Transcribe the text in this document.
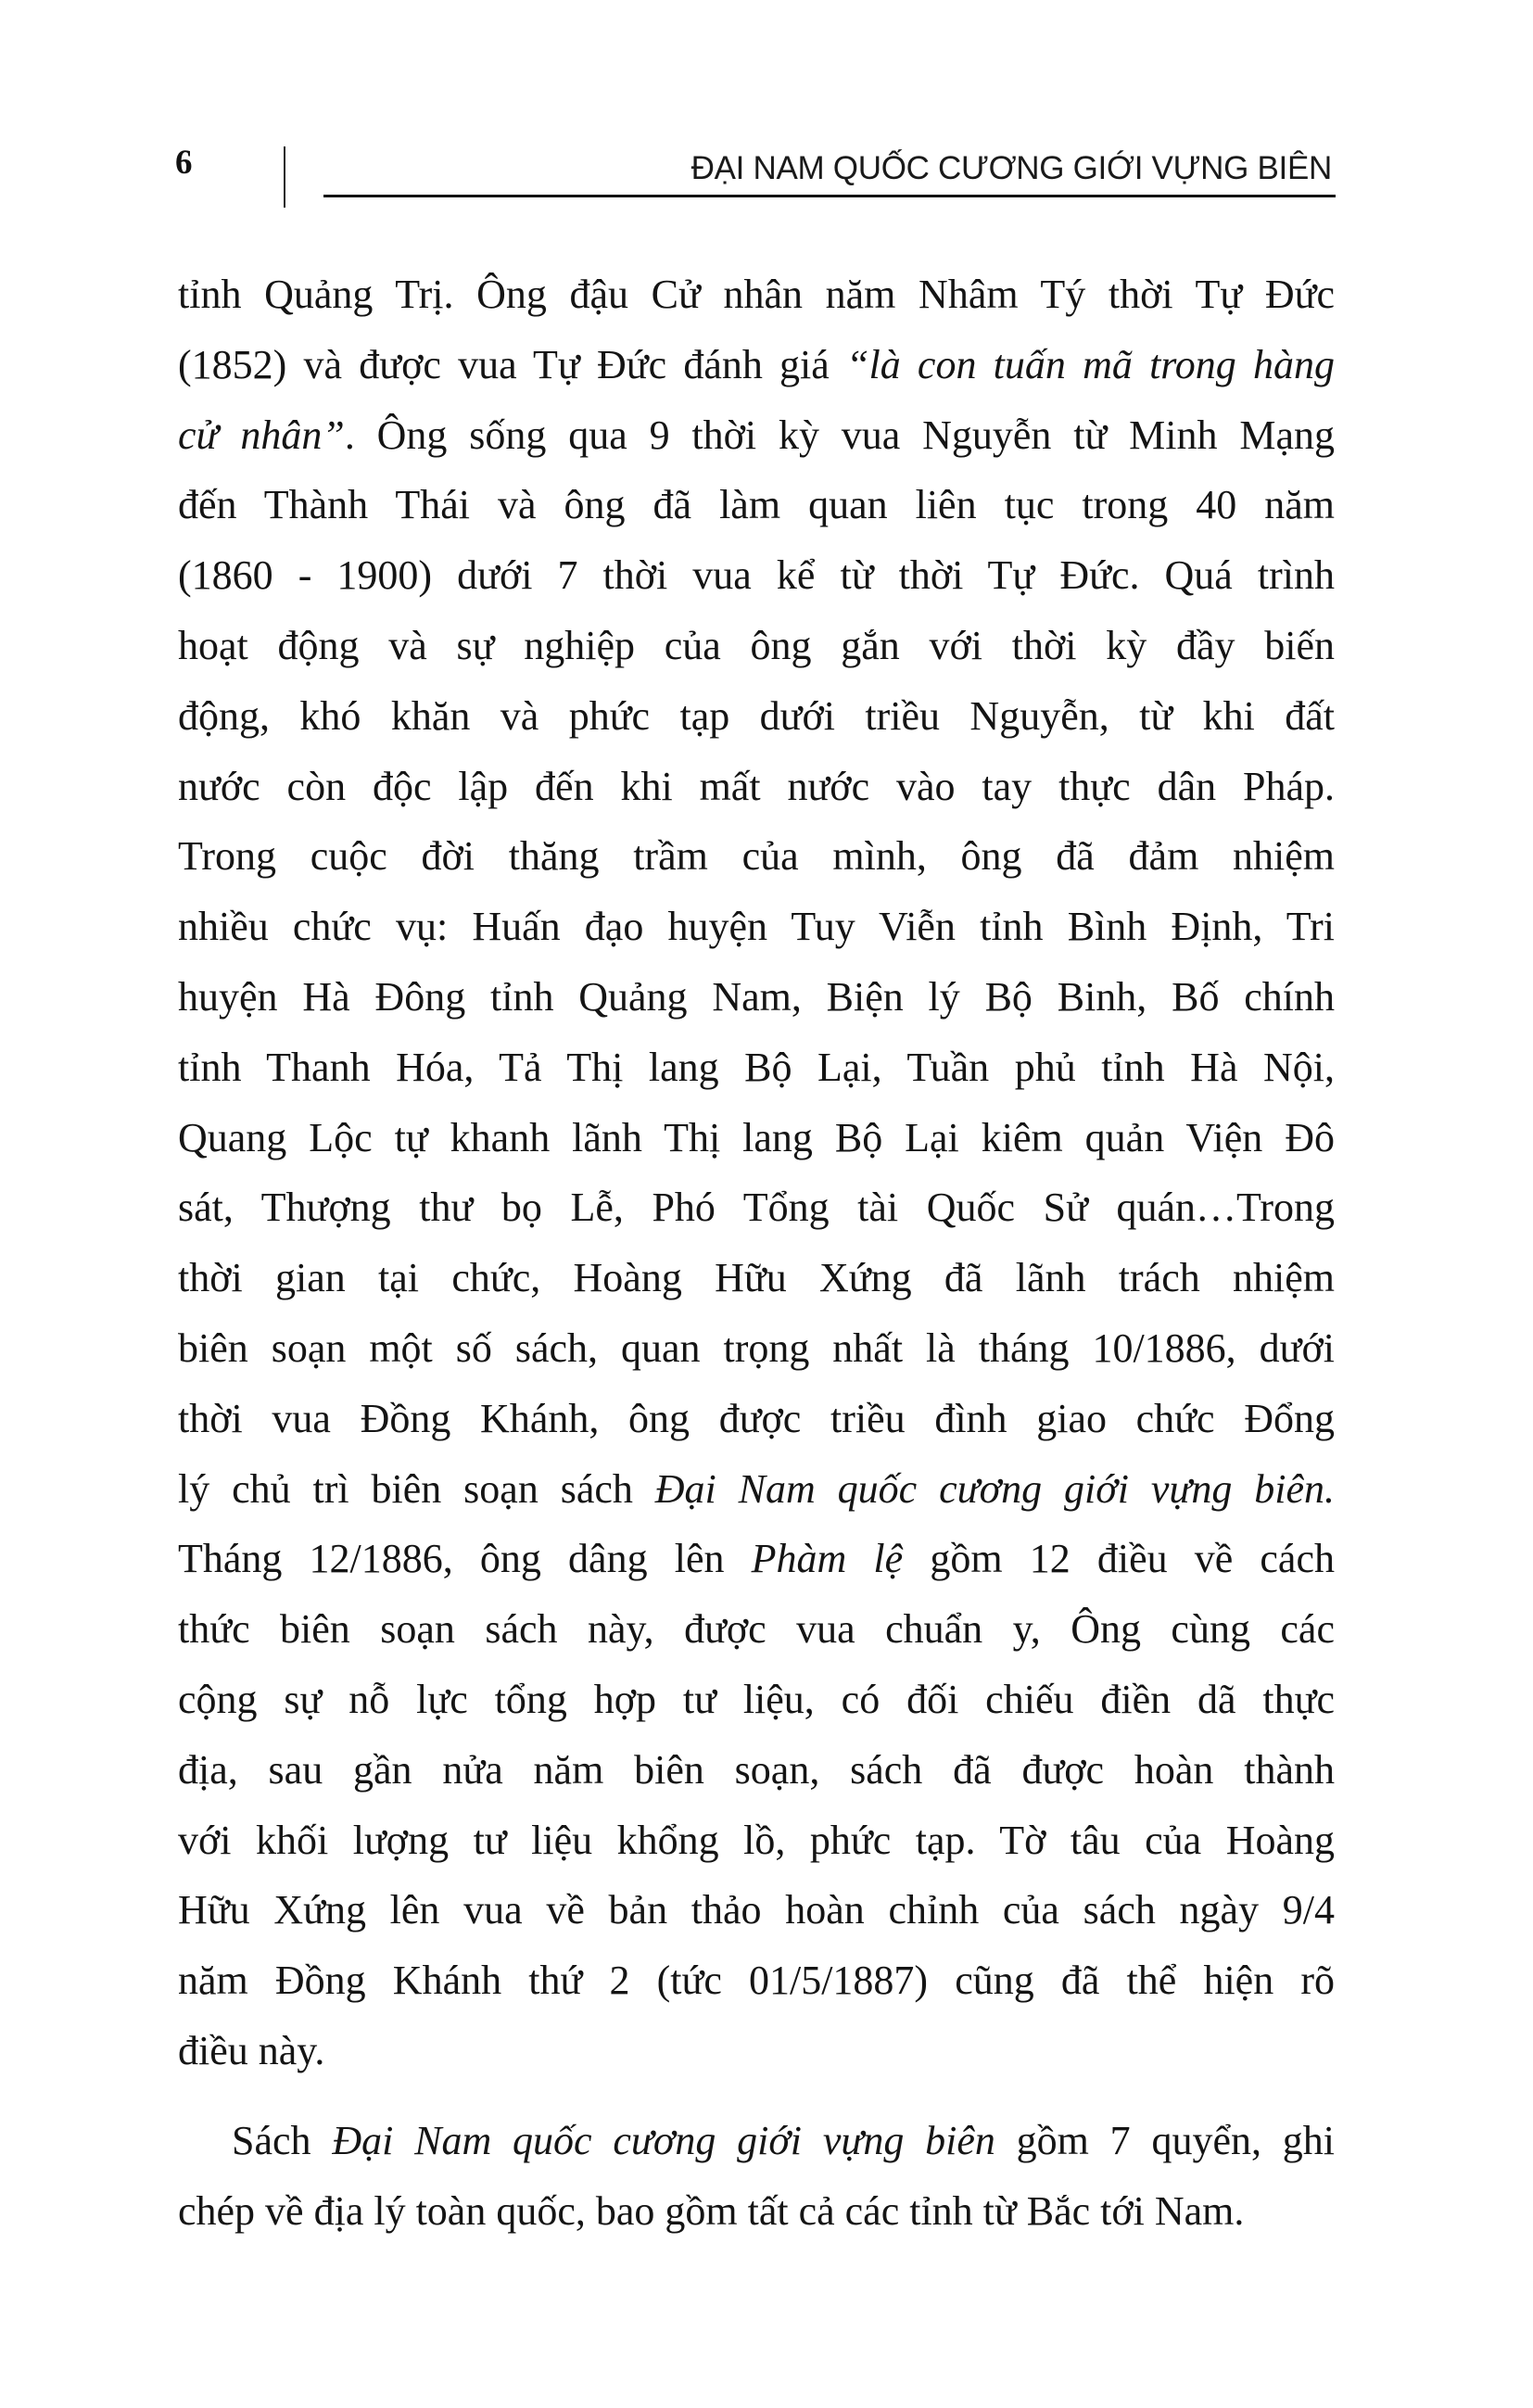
6	ĐẠI NAM QUỐC CƯƠNG GIỚI VỰNG BIÊN
tỉnh Quảng Trị. Ông đậu Cử nhân năm Nhâm Tý thời Tự Đức
(1852) và được vua Tự Đức đánh giá “là con tuấn mã trong hàng
cử nhân”. Ông sống qua 9 thời kỳ vua Nguyễn từ Minh Mạng
đến Thành Thái và ông đã làm quan liên tục trong 40 năm
(1860 - 1900) dưới 7 thời vua kể từ thời Tự Đức. Quá trình
hoạt động và sự nghiệp của ông gắn với thời kỳ đầy biến
động, khó khăn và phức tạp dưới triều Nguyễn, từ khi đất
nước còn độc lập đến khi mất nước vào tay thực dân Pháp.
Trong cuộc đời thăng trầm của mình, ông đã đảm nhiệm
nhiều chức vụ: Huấn đạo huyện Tuy Viễn tỉnh Bình Định, Tri
huyện Hà Đông tỉnh Quảng Nam, Biện lý Bộ Binh, Bố chính
tỉnh Thanh Hóa, Tả Thị lang Bộ Lại, Tuần phủ tỉnh Hà Nội,
Quang Lộc tự khanh lãnh Thị lang Bộ Lại kiêm quản Viện Đô
sát, Thượng thư bọ Lễ, Phó Tổng tài Quốc Sử quán…Trong
thời gian tại chức, Hoàng Hữu Xứng đã lãnh trách nhiệm
biên soạn một số sách, quan trọng nhất là tháng 10/1886, dưới
thời vua Đồng Khánh, ông được triều đình giao chức Đổng
lý chủ trì biên soạn sách Đại Nam quốc cương giới vựng biên.
Tháng 12/1886, ông dâng lên Phàm lệ gồm 12 điều về cách
thức biên soạn sách này, được vua chuẩn y, Ông cùng các
cộng sự nỗ lực tổng hợp tư liệu, có đối chiếu điền dã thực
địa, sau gần nửa năm biên soạn, sách đã được hoàn thành
với khối lượng tư liệu khổng lồ, phức tạp. Tờ tâu của Hoàng
Hữu Xứng lên vua về bản thảo hoàn chỉnh của sách ngày 9/4
năm Đồng Khánh thứ 2 (tức 01/5/1887) cũng đã thể hiện rõ
điều này.
Sách Đại Nam quốc cương giới vựng biên gồm 7 quyển, ghi
chép về địa lý toàn quốc, bao gồm tất cả các tỉnh từ Bắc tới Nam.
